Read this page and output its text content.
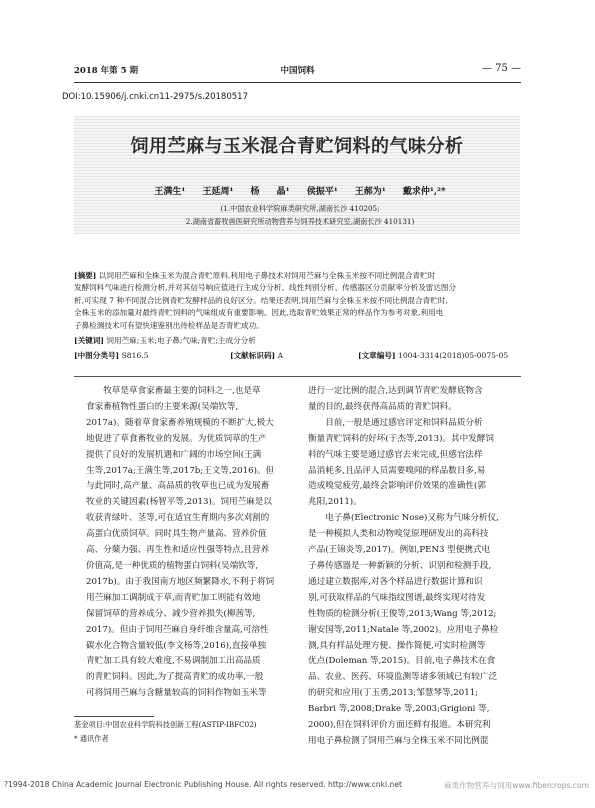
2018 年第 5 期	中国饲料	— 75 —
DOI:10.15906/j.cnki.cn11-2975/s.20180517
饲用苎麻与玉米混合青贮饲料的气味分析
王满生¹ 王延周¹ 杨 晶¹ 侯振平¹ 王郝为¹ 戴求仲¹,²*
(1.中国农业科学院麻类研究所,湖南长沙 410205;
2.湖南省畜牧兽医研究所动物营养与饲养技术研究室,湖南长沙 410131)
[摘要] 以饲用苎麻和全株玉米为混合青贮原料,利用电子鼻技术对饲用苎麻与全株玉米按不同比例混合青贮时
发酵饲料气味进行检测分析,并对其信号响应值进行主成分分析、线性判别分析、传感器区分贡献率分析及雷达图分
析,可实现 7 种不同混合比例青贮发酵样品的良好区分。结果还表明,饲用苎麻与全株玉米按不同比例混合青贮时,
全株玉米的添加量对最终青贮饲料的气味组成有重要影响。因此,选取青贮效果正常的样品作为参考对象,利用电
子鼻检测技术可有望快速鉴别出待检样品是否青贮成功。
[关键词] 饲用苎麻;玉米;电子鼻;气味;青贮;主成分分析
[中图分类号] S816.5	[文献标识码] A	[文章编号] 1004-3314(2018)05-0075-05
牧草是草食家畜最主要的饲料之一,也是草
食家畜植物性蛋白的主要来源(吴端钦等,
2017a)。随着草食家畜养殖规模的不断扩大,极大
地促进了草食畜牧业的发展。为优质饲草的生产
提供了良好的发展机遇和广阔的市场空间(王满
生等,2017a;王满生等,2017b;王文等,2016)。但
与此同时,高产量、高品质的牧草也已成为发展畜
牧业的关键因素(杨智平等,2013)。饲用苎麻是以
收获青绿叶、茎等,可在适宜生育期内多次刈割的
高蛋白优质饲草。同时具生物产量高、营养价值
高、分蘖力强、再生性和适应性强等特点,且营养
价值高,是一种优质的植物蛋白饲料(吴端钦等,
2017b)。由于我国南方地区频繁降水,不利于将饲
用苎麻加工调制成干草,而青贮加工则能有效地
保留饲草的营养成分、减少营养损失(柳茜等,
2017)。但由于饲用苎麻自身纤维含量高,可溶性
碳水化合物含量较低(李文杨等,2016),直接单独
青贮加工具有较大难度,不易调制加工出高品质
的青贮饲料。因此,为了提高青贮的成功率,一般
可将饲用苎麻与含糖量较高的饲料作物如玉米等
进行一定比例的混合,达到调节青贮发酵底物含
量的目的,最终获得高品质的青贮饲料。
目前,一般是通过感官评定和饲料品质分析
衡量青贮饲料的好坏(于杰等,2013)。其中发酵饲
料的气味主要是通过感官去来完成,但感官法样
品消耗多,且品评人员需要嗅闻的样品数目多,易
造成嗅觉疲劳,最终会影响评价效果的准确性(郭
兆阳,2011)。
电子鼻(Electronic Nose)又称为气味分析仪,
是一种模拟人类和动物嗅觉原理研发出的高科技
产品(王锦炎等,2017)。例如,PEN3 型便携式电
子鼻传感器是一种新颖的分析、识别和检测手段,
通过建立数据库,对各个样品进行数据计算和识
别,可获取样品的气味指纹图谱,最终实现对待发
性物质的检测分析(王俊等,2013;Wang 等,2012;
谢安国等,2011;Natale 等,2002)。应用电子鼻检
测,具有样品处理方便、操作简便,可实时检测等
优点(Doleman 等,2015)。目前,电子鼻技术在食
品、农业、医药、环境监测等诸多领域已有较广泛
的研究和应用(丁玉勇,2013;邹慧琴等,2011;
Barbri 等,2008;Drake 等,2003;Grigioni 等,
2000),但在饲料评价方面还鲜有报道。本研究利
用电子鼻检测了饲用苎麻与全株玉米不同比例混
基金项目:中国农业科学院科技创新工程(ASTIP-IBFC02)
* 通讯作者
?1994-2018 China Academic Journal Electronic Publishing House. All rights reserved. http://www.cnki.net	麻类作物营养与饲用www.fibercrops.com
